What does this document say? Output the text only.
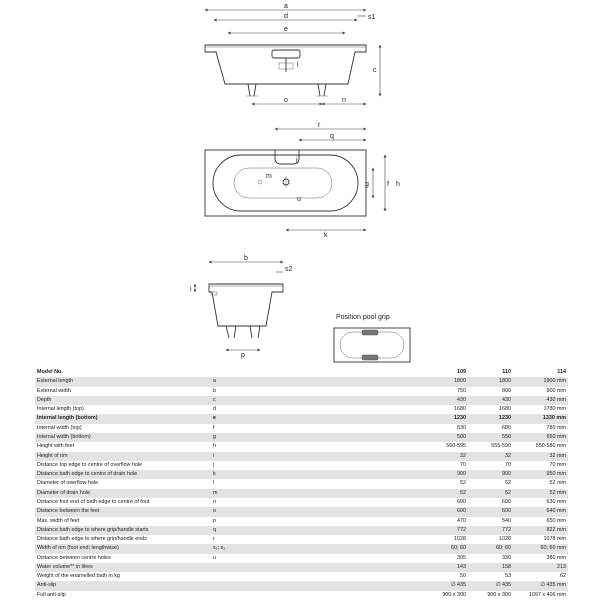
a
d	s1
e
c
l
o	n
r
q
m
u
g	f
j
h
k
b
s2
i
p
Position pool grip
Model No.		109	110	114
External length	a	1800	1800	1900 mm
External width	b	750	800	900 mm
Depth	c	430	430	430 mm
Internal length (top)	d	1680	1680	1780 mm
Internal length (bottom)	e	1230	1230	1330 mm
Internal width (top)	f	630	680	780 mm
Internal width (bottom)	g	500	550	650 mm
Height with feet	h	560-595	555-590	550-580 mm
Height of rim	i	32	32	32 mm
Distance top edge to centre of overflow hole	j	70	70	70 mm
Distance bath edge to centre of drain hole	k	900	900	950 mm
Diameter of overflow hole	l	52	52	52 mm
Diameter of drain hole	m	52	52	52 mm
Distance foot end of bath edge to centre of foot	n	600	600	630 mm
Distance between the feet	o	600	600	640 mm
Max. width of feet	p	470	540	650 mm
Distance bath edge to where grip/handle starts	q	772	772	822 mm
Distance bath edge to where grip/handle ends	r	1028	1028	1078 mm
Width of rim (foot end; lengthwise)	s₁; s₂	60; 60	60; 60	60; 60 mm
Distance between centre holes	u	305	330	380 mm
Water volume** in litres		143	158	213
Weight of the enamelled bath in kg		50	53	62
Anti-slip		∅ 435	∅ 435	∅ 435 mm
Full anti-slip		900 x 300	900 x 300	1097 x 406 mm
